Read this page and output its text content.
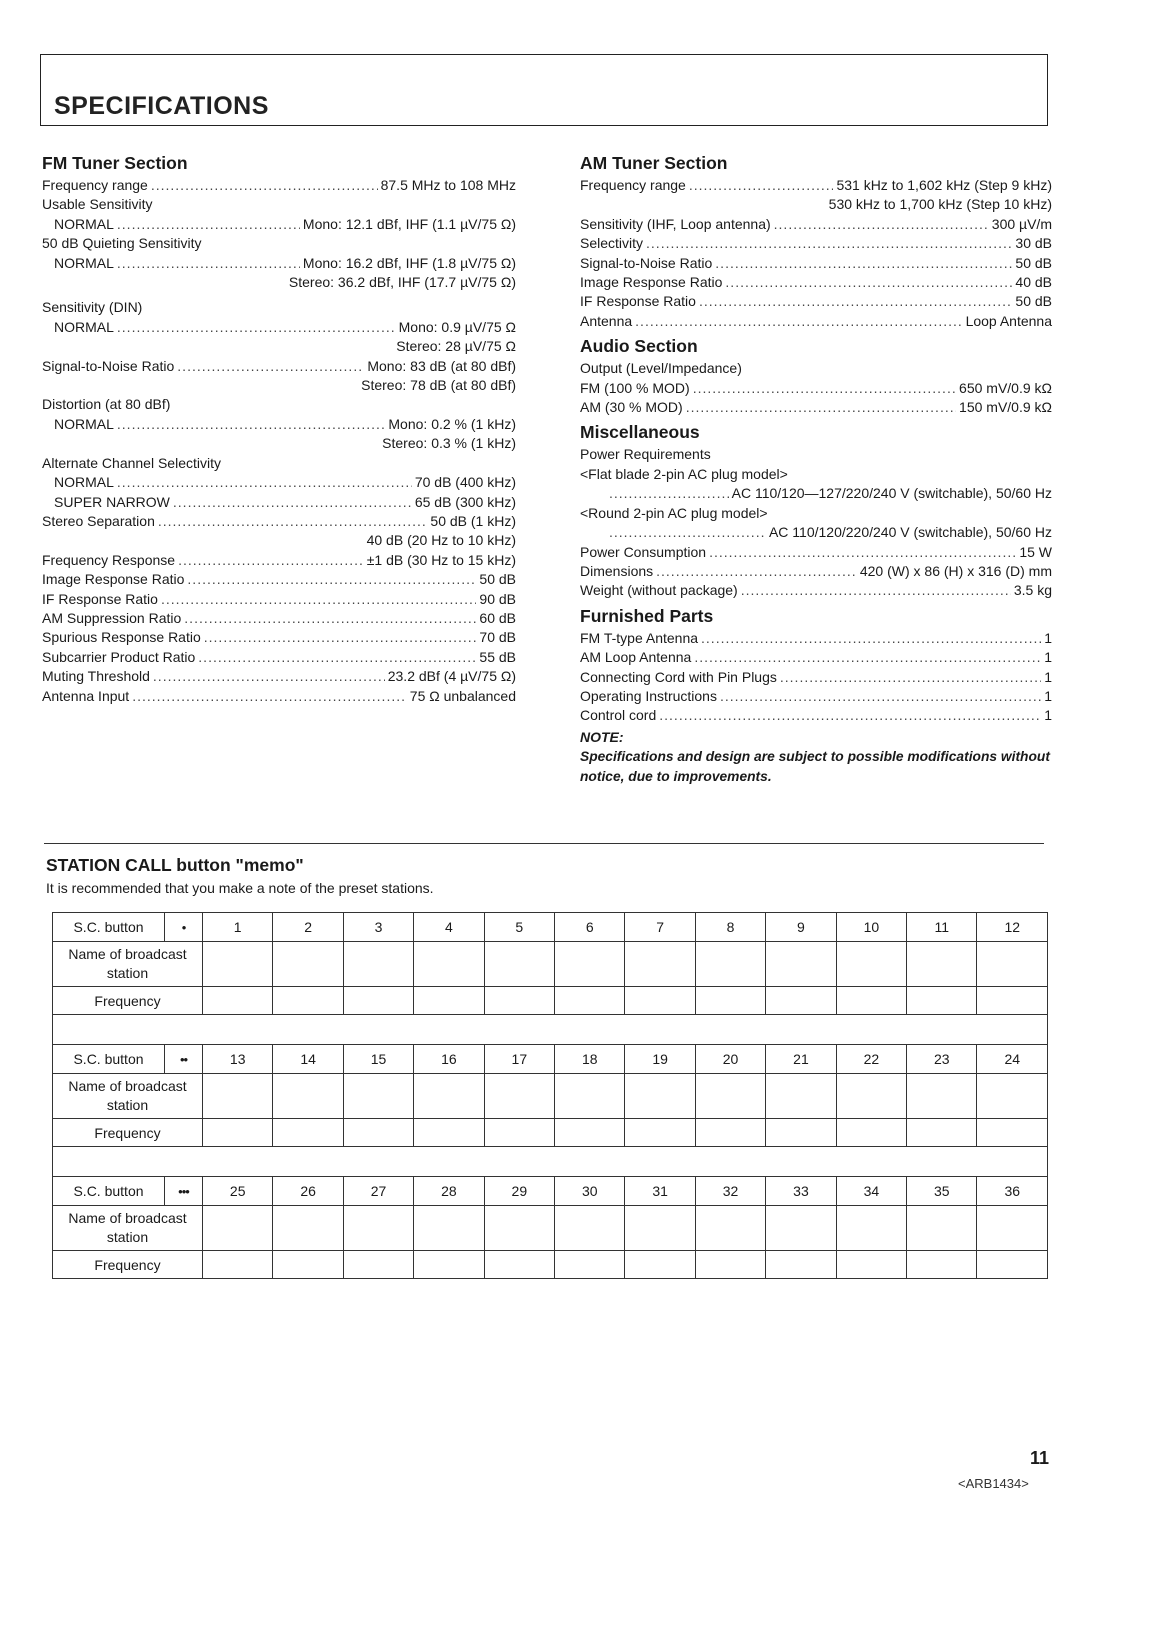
SPECIFICATIONS
FM Tuner Section
Frequency range .....	87.5 MHz to 108 MHz
Usable Sensitivity
NORMAL .....	Mono: 12.1 dBf, IHF (1.1 µV/75 Ω)
50 dB Quieting Sensitivity
NORMAL .....	Mono: 16.2 dBf, IHF (1.8 µV/75 Ω)
Stereo: 36.2 dBf, IHF (17.7 µV/75 Ω)
Sensitivity (DIN)
NORMAL .....	Mono: 0.9 µV/75 Ω
Stereo: 28 µV/75 Ω
Signal-to-Noise Ratio .....	Mono: 83 dB (at 80 dBf)
Stereo: 78 dB (at 80 dBf)
Distortion (at 80 dBf)
NORMAL .....	Mono: 0.2 % (1 kHz)
Stereo: 0.3 % (1 kHz)
Alternate Channel Selectivity
NORMAL .....	70 dB (400 kHz)
SUPER NARROW .....	65 dB (300 kHz)
Stereo Separation .....	50 dB (1 kHz)
40 dB (20 Hz to 10 kHz)
Frequency Response .....	±1 dB (30 Hz to 15 kHz)
Image Response Ratio .....	50 dB
IF Response Ratio .....	90 dB
AM Suppression Ratio .....	60 dB
Spurious Response Ratio .....	70 dB
Subcarrier Product Ratio .....	55 dB
Muting Threshold .....	23.2 dBf (4 µV/75 Ω)
Antenna Input .....	75 Ω unbalanced
AM Tuner Section
Frequency range .....	531 kHz to 1,602 kHz (Step 9 kHz)
530 kHz to 1,700 kHz (Step 10 kHz)
Sensitivity (IHF, Loop antenna) .....	300 µV/m
Selectivity .....	30 dB
Signal-to-Noise Ratio .....	50 dB
Image Response Ratio .....	40 dB
IF Response Ratio .....	50 dB
Antenna .....	Loop Antenna
Audio Section
Output (Level/Impedance)
FM (100 % MOD) .....	650 mV/0.9 kΩ
AM (30 % MOD) .....	150 mV/0.9 kΩ
Miscellaneous
Power Requirements
<Flat blade 2-pin AC plug model>
.....
AC 110/120—127/220/240 V (switchable), 50/60 Hz
<Round 2-pin AC plug model>
.....
AC 110/120/220/240 V (switchable), 50/60 Hz
Power Consumption .....	15 W
Dimensions .....	420 (W) x 86 (H) x 316 (D) mm
Weight (without package) .....	3.5 kg
Furnished Parts
FM T-type Antenna .....	1
AM Loop Antenna .....	1
Connecting Cord with Pin Plugs .....	1
Operating Instructions .....	1
Control cord .....	1
NOTE:
Specifications and design are subject to possible modifications without notice, due to improvements.
STATION CALL button "memo"
It is recommended that you make a note of the preset stations.
S.C. button	•	1	2	3	4	5	6	7	8	9	10	11	12
Name of broadcast station													
Frequency													

S.C. button	••	13	14	15	16	17	18	19	20	21	22	23	24
Name of broadcast station													
Frequency													

S.C. button	•••	25	26	27	28	29	30	31	32	33	34	35	36
Name of broadcast station													
Frequency													
11
<ARB1434>
